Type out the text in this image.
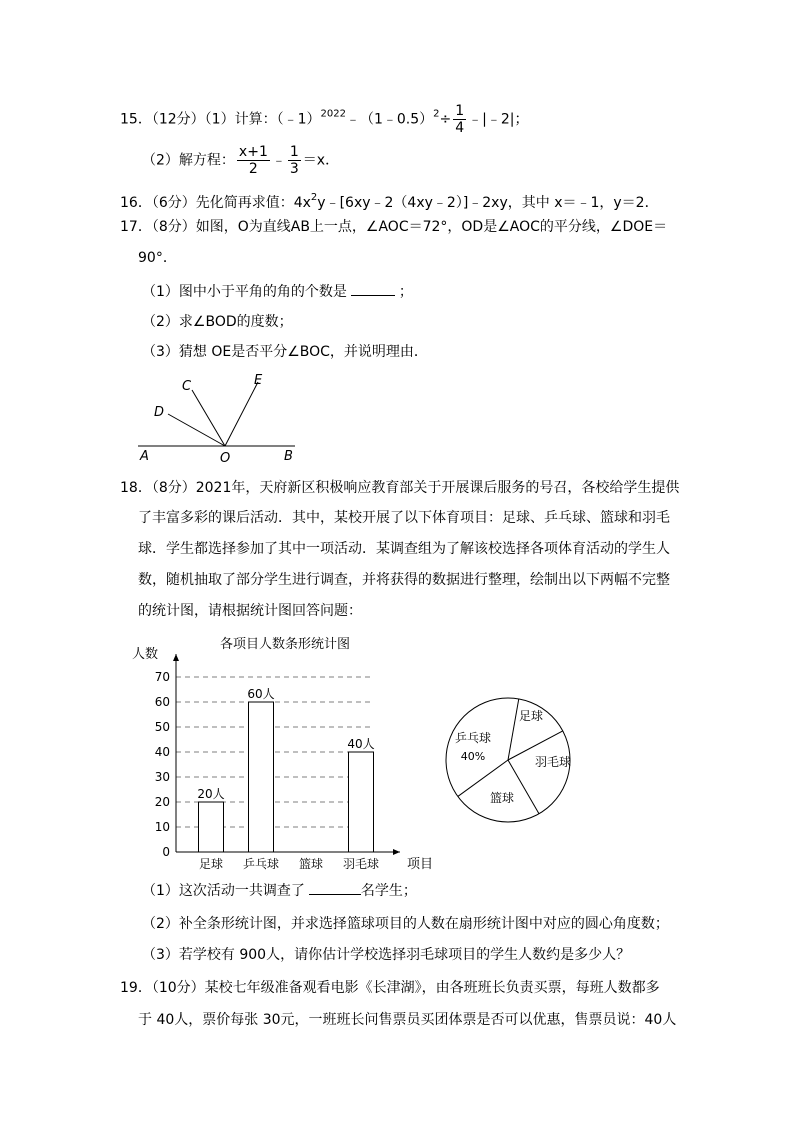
15．（12分）（1）计算：（﹣1）$^{2022}$﹣（1﹣0.5）$^2$÷ $\frac{1}{4}$ ﹣|﹣2|；
（2）解方程： $\frac{x+1}{2}$ ﹣ $\frac{1}{3} =x$．
16．（6分）先化简再求值：$4x^2y﹣[6xy﹣2(4xy﹣2)]﹣2xy$，其中 x＝﹣1，y＝2．
17．（8分）如图，O为直线AB上一点，∠AOC＝72°，OD是∠AOC的平分线，∠DOE＝
90°．
（1）图中小于平角的角的个数是	；
（2）求∠BOD的度数；
（3）猜想 OE是否平分∠BOC，并说明理由．
C	E
D
O
A	B
18．（8分）2021年，天府新区积极响应教育部关于开展课后服务的号召，各校给学生提供
了丰富多彩的课后活动．其中，某校开展了以下体育项目：足球、乒乓球、篮球和羽毛
球．学生都选择参加了其中一项活动．某调查组为了解该校选择各项体育活动的学生人
数，随机抽取了部分学生进行调查，并将获得的数据进行整理，绘制出以下两幅不完整
的统计图，请根据统计图回答问题：
各项目人数条形统计图
人数
0
10
20
30
40
50
60
70
项目
20人
足球
60人
乒乓球 篮球
40人
羽毛球
足球
羽毛球
篮球
乒乓球
40%
（1）这次活动一共调查了	名学生；
（2）补全条形统计图，并求选择篮球项目的人数在扇形统计图中对应的圆心角度数；
（3）若学校有 900人，请你估计学校选择羽毛球项目的学生人数约是多少人？
19．（10分）某校七年级准备观看电影《长津湖》，由各班班长负责买票，每班人数都多
于 40人，票价每张 30元，一班班长问售票员买团体票是否可以优惠，售票员说：40人
